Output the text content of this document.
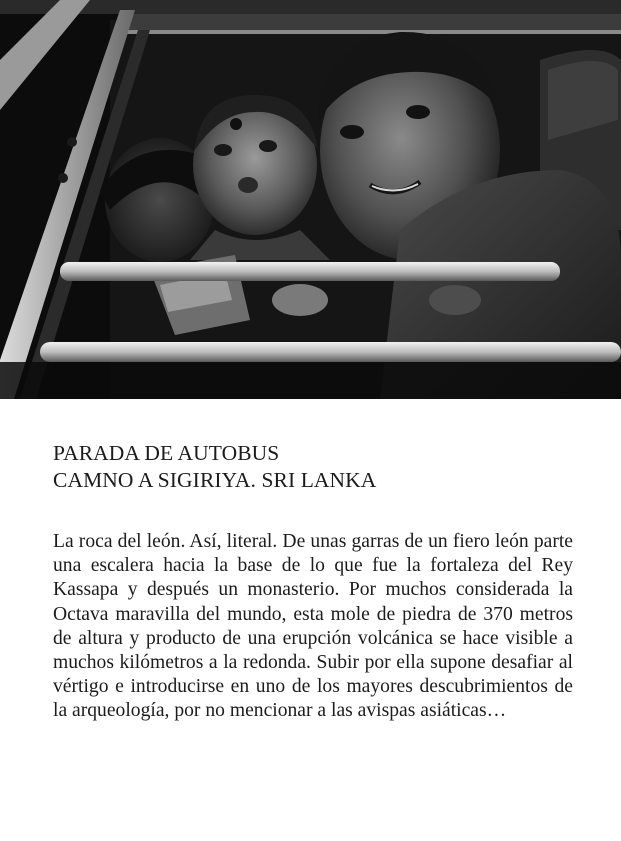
PARADA DE AUTOBUS
CAMNO A SIGIRIYA. SRI LANKA

La roca del león. Así, literal. De unas garras de un fiero león parte una escalera hacia la base de lo que fue la fortaleza del Rey Kassapa y después un monasterio. Por muchos considerada la Octava maravilla del mundo, esta mole de piedra de 370 metros de altura y producto de una erupción volcánica se hace visible a muchos kilómetros a la redonda. Subir por ella supone desafiar al vértigo e introducirse en uno de los mayores descubrimientos de la arqueología, por no mencionar a las avispas asiáticas…
